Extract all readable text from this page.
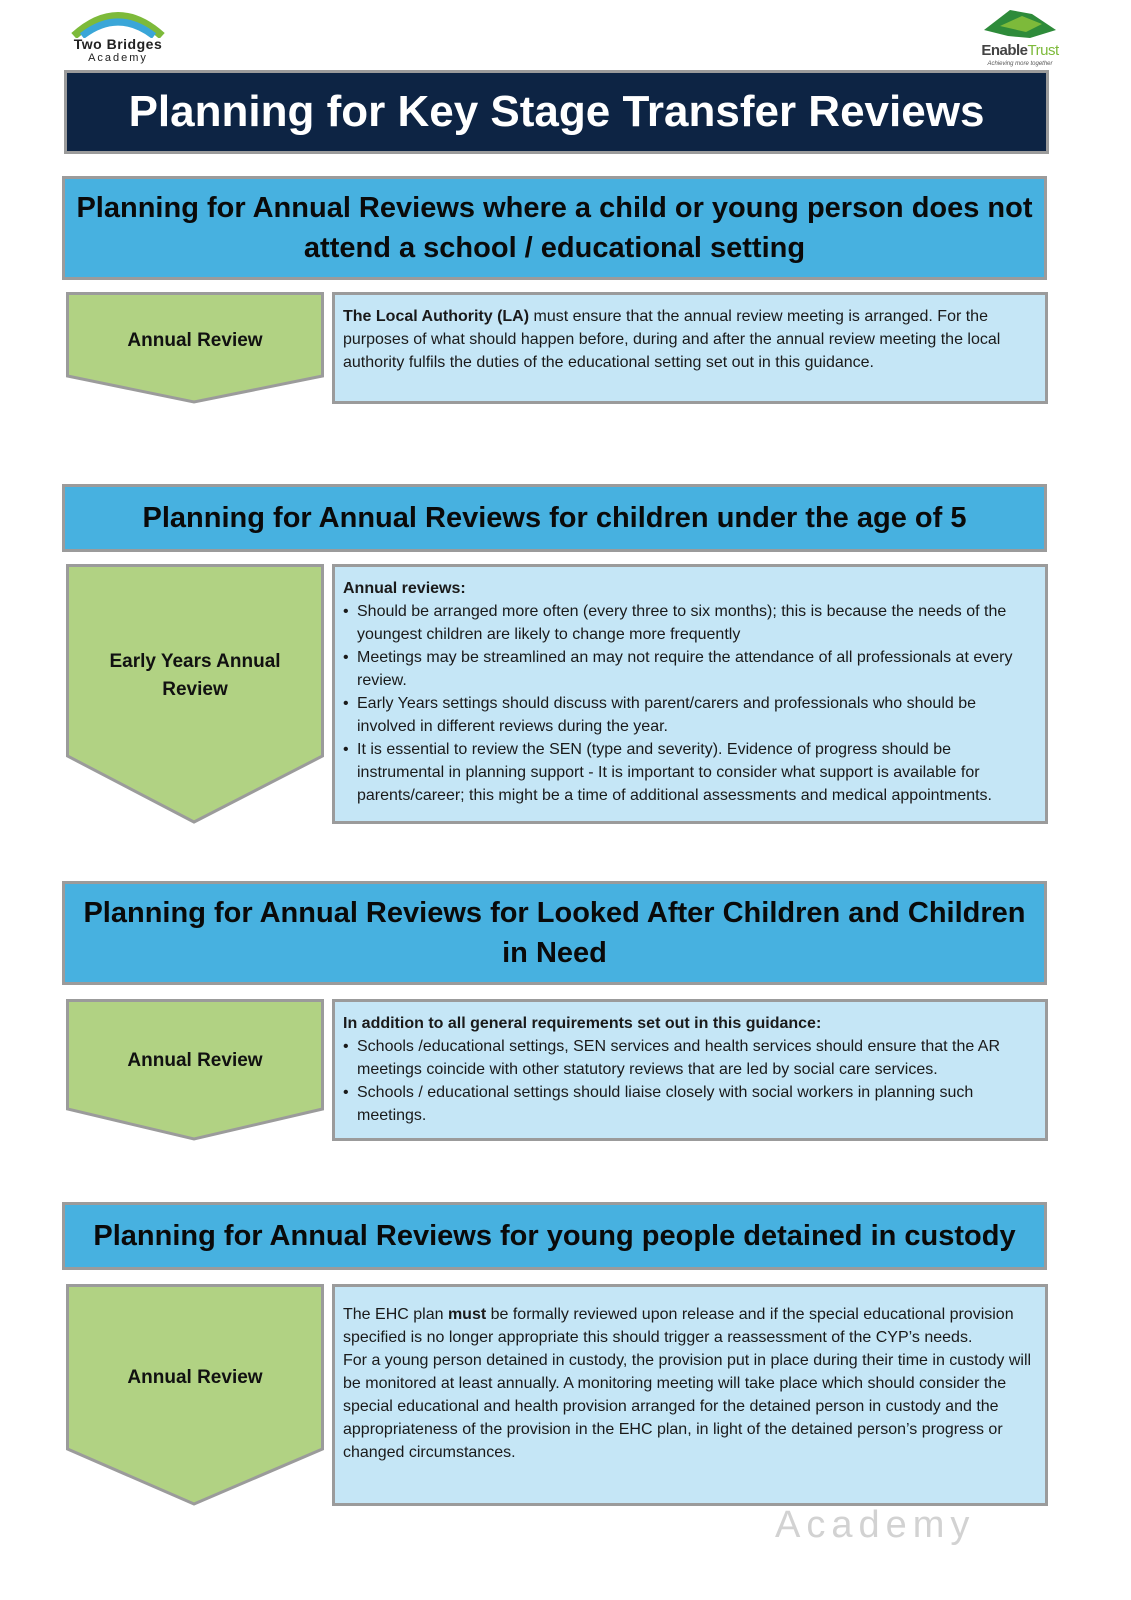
Two Bridges
Academy	EnableTrust
Achieving more together
Planning for Key Stage Transfer Reviews
Planning for Annual Reviews where a child or young person does not attend a school / educational setting
Annual Review

The Local Authority (LA) must ensure that the annual review meeting is arranged. For the purposes of what should happen before, during and after the annual review meeting the local authority fulfils the duties of the educational setting set out in this guidance.

Planning for Annual Reviews for children under the age of 5
Early Years Annual Review
Annual reviews:
• Should be arranged more often (every three to six months); this is because the needs of the youngest children are likely to change more frequently
• Meetings may be streamlined an may not require the attendance of all professionals at every review.
• Early Years settings should discuss with parent/carers and professionals who should be involved in different reviews during the year.
• It is essential to review the SEN (type and severity). Evidence of progress should be instrumental in planning support - It is important to consider what support is available for parents/career; this might be a time of additional assessments and medical appointments.
Planning for Annual Reviews for Looked After Children and Children in Need
Annual Review
In addition to all general requirements set out in this guidance:
• Schools /educational settings, SEN services and health services should ensure that the AR meetings coincide with other statutory reviews that are led by social care services.
• Schools / educational settings should liaise closely with social workers in planning such meetings.
Planning for Annual Reviews for young people detained in custody
Annual Review

The EHC plan must be formally reviewed upon release and if the special educational provision specified is no longer appropriate this should trigger a reassessment of the CYP’s needs.

For a young person detained in custody, the provision put in place during their time in custody will be monitored at least annually. A monitoring meeting will take place which should consider the special educational and health provision arranged for the detained person in custody and the appropriateness of the provision in the EHC plan, in light of the detained person’s progress or changed circumstances.

Academy
